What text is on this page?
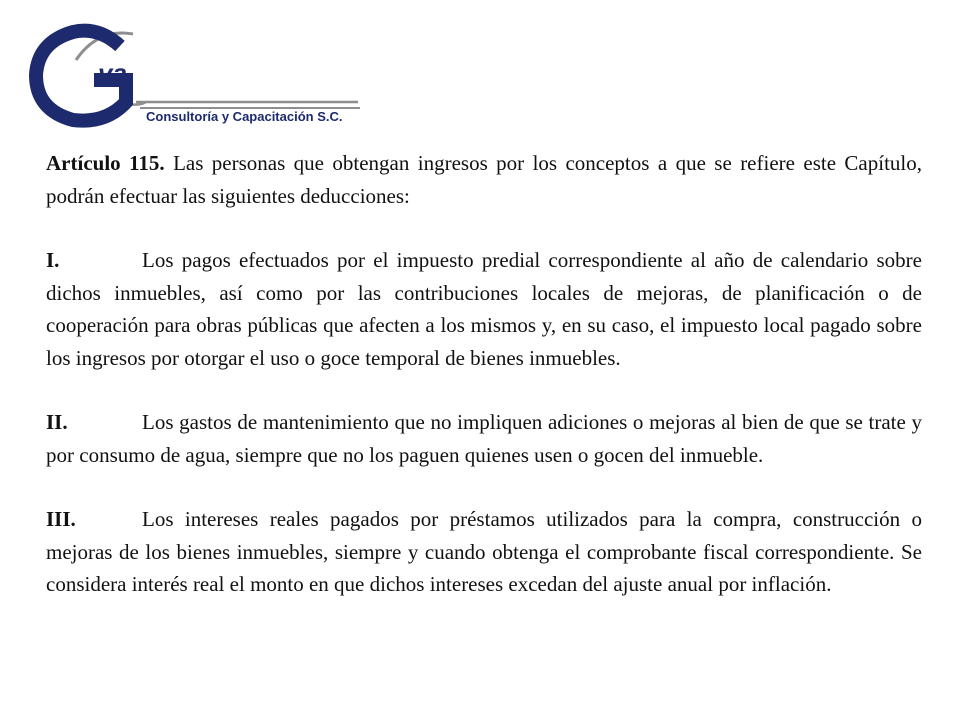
va
Consultoría y Capacitación S.C.

Artículo 115. Las personas que obtengan ingresos por los conceptos a que se refiere este Capítulo, podrán efectuar las siguientes deducciones:

I.	Los pagos efectuados por el impuesto predial correspondiente al año de calendario sobre dichos inmuebles, así como por las contribuciones locales de mejoras, de planificación o de cooperación para obras públicas que afecten a los mismos y, en su caso, el impuesto local pagado sobre los ingresos por otorgar el uso o goce temporal de bienes inmuebles.

II.	Los gastos de mantenimiento que no impliquen adiciones o mejoras al bien de que se trate y por consumo de agua, siempre que no los paguen quienes usen o gocen del inmueble.

III.	Los intereses reales pagados por préstamos utilizados para la compra, construcción o mejoras de los bienes inmuebles, siempre y cuando obtenga el comprobante fiscal correspondiente. Se considera interés real el monto en que dichos intereses excedan del ajuste anual por inflación.
